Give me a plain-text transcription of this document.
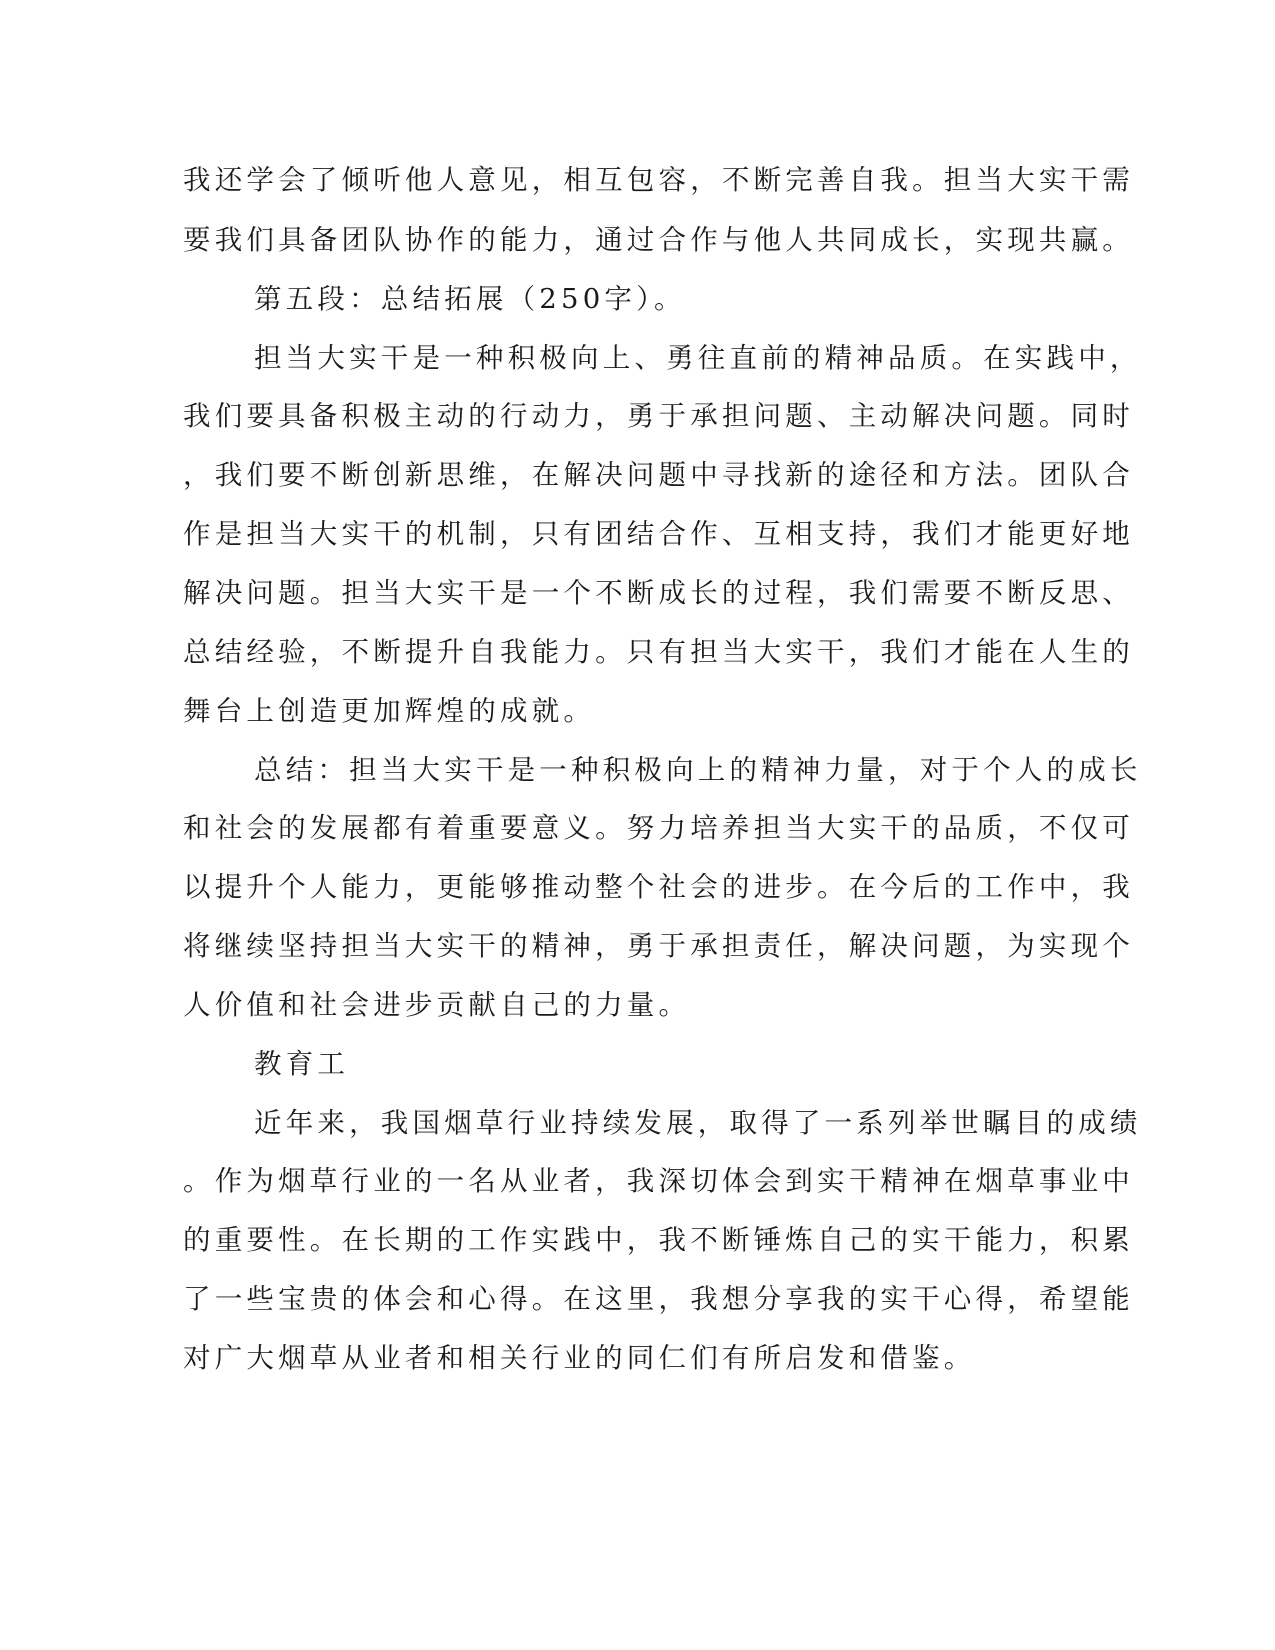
我还学会了倾听他人意见，相互包容，不断完善自我。担当大实干需
要我们具备团队协作的能力，通过合作与他人共同成长，实现共赢。
第五段：总结拓展（250字）。
担当大实干是一种积极向上、勇往直前的精神品质。在实践中，
我们要具备积极主动的行动力，勇于承担问题、主动解决问题。同时
，我们要不断创新思维，在解决问题中寻找新的途径和方法。团队合
作是担当大实干的机制，只有团结合作、互相支持，我们才能更好地
解决问题。担当大实干是一个不断成长的过程，我们需要不断反思、
总结经验，不断提升自我能力。只有担当大实干，我们才能在人生的
舞台上创造更加辉煌的成就。
总结：担当大实干是一种积极向上的精神力量，对于个人的成长
和社会的发展都有着重要意义。努力培养担当大实干的品质，不仅可
以提升个人能力，更能够推动整个社会的进步。在今后的工作中，我
将继续坚持担当大实干的精神，勇于承担责任，解决问题，为实现个
人价值和社会进步贡献自己的力量。
教育工
近年来，我国烟草行业持续发展，取得了一系列举世瞩目的成绩
。作为烟草行业的一名从业者，我深切体会到实干精神在烟草事业中
的重要性。在长期的工作实践中，我不断锤炼自己的实干能力，积累
了一些宝贵的体会和心得。在这里，我想分享我的实干心得，希望能
对广大烟草从业者和相关行业的同仁们有所启发和借鉴。
